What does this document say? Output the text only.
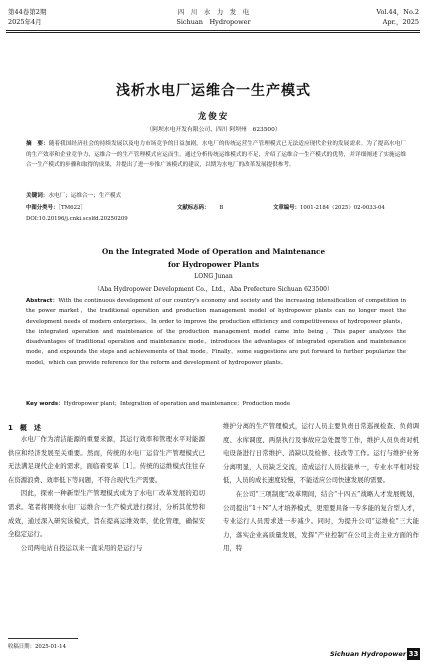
第44卷第2期
2025年4月
四　川　水　力　发　电
Sichuan　Hydropower
Vol.44，No.2
Apr.，2025
浅析水电厂运维合一生产模式
龙俊安
（阿坝水电开发有限公司，四川 阿坝州　623500）
摘　要：随着我国经济社会的持续发展以及电力市场竞争的日益加剧，水电厂的传统运营生产管理模式已无法适应现代企业的发展需求。为了提高水电厂的生产效率和企业竞争力，运维合一的生产管理模式应运而生。通过分析传统运维模式的不足，介绍了运维合一生产模式的优势，并详细阐述了实施运维合一生产模式的步骤和取得的成果，并提出了进一步推广该模式的建议，以期为水电厂的改革发展提供参考。
关键词：水电厂；运维合一；生产模式
中图分类号：［TM622］	文献标志码： B	文章编号：1001-2184（2025）02-0033-04
DOI:10.20196/j.cnki.scslfd.20250209
On the Integrated Mode of Operation and Maintenance
for Hydropower Plants
LONG Junan
（Aba Hydropower Development Co.，Ltd.，Aba Prefecture Sichuan 623500）
Abstract：With the continuous development of our country's economy and society and the increasing intensification of competition in the power market，the traditional operation and production management model of hydropower plants can no longer meet the development needs of modern enterprises。In order to improve the production efficiency and competitiveness of hydropower plants，the integrated operation and maintenance of the production management model came into being。This paper analyzes the disadvantages of traditional operation and maintenance mode，introduces the advantages of integrated operation and maintenance mode，and expounds the steps and achievements of that mode。Finally，some suggestions are put forward to further popularize the model，which can provide reference for the reform and development of hydropower plants。
Key words：Hydropower plant；Integration of operation and maintenance；Production mode
1　概　述
水电厂作为清洁能源的重要来源，其运行效率和管理水平对能源供应和经济发展至关重要。然而，传统的水电厂运营生产管理模式已无法满足现代企业的需求，面临着变革［1］。传统的运维模式往往存在资源浪费、效率低下等问题，不符合现代生产需要。
因此，探索一种新型生产管理模式成为了水电厂改革发展的追切需求。笔者将围绕水电厂运维合一生产模式进行探讨，分析其优势和成效，通过深入研究该模式，旨在提高运维效率，优化管理，确保安全稳定运行。
公司两电站自投运以来一直采用的是运行与
收稿日期：2025-01-14
维护分离的生产管理模式，运行人员主要负责日常巡视检查、负荷调度、水库调度、两票执行及事故应急处置等工作，维护人员负责对机电设备进行日常维护、消缺以及检修、技改等工作。运行与维护业务分离明显，人员缺乏交流，造成运行人员技能单一，专业水平相对较低，人员的成长速度较慢，不能适应公司快速发展的需要。
在公司“三项制度”改革期间，结合“十四五”战略人才发展规划，公司提出“1＋N”人才培养模式，更需要具备一专多能的复合型人才，专业运行人员需求进一步减少。同时，为提升公司“运维检”三大能力，落实企业高质量发展，发挥“产业控制”在公司主责主业方面的作用，特
Sichuan Hydropower 33
